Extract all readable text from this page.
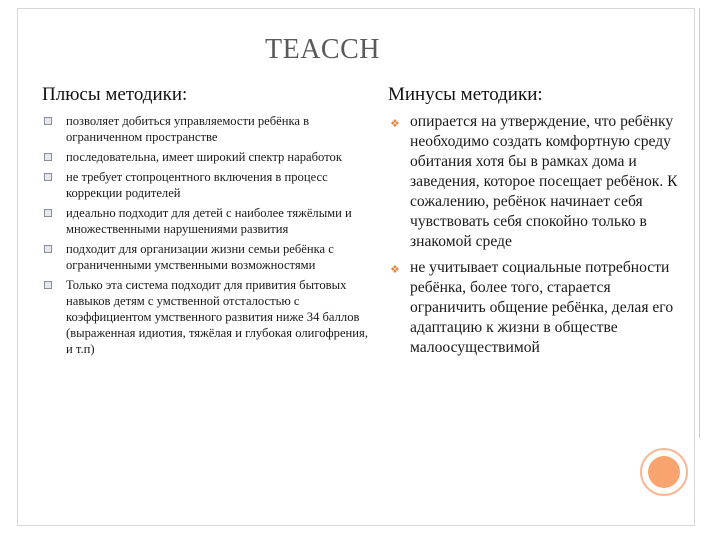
TEACCH
Плюсы методики:	Минусы методики:
позволяет добиться управляемости ребёнка в ограниченном пространстве
последовательна, имеет широкий спектр наработок
не требует стопроцентного включения в процесс коррекции родителей
идеально подходит для детей с наиболее тяжёлыми и множественными нарушениями развития
подходит для организации жизни семьи ребёнка с ограниченными умственными возможностями
Только эта система подходит для привития бытовых навыков детям с умственной отсталостью с коэффициентом умственного развития ниже 34 баллов (выраженная идиотия, тяжёлая и глубокая олигофрения, и т.п)
❖ опирается на утверждение, что ребёнку необходимо создать комфортную среду обитания хотя бы в рамках дома и заведения, которое посещает ребёнок. К сожалению, ребёнок начинает себя чувствовать себя спокойно только в знакомой среде
❖ не учитывает социальные потребности ребёнка, более того, старается ограничить общение ребёнка, делая его адаптацию к жизни в обществе малоосуществимой
